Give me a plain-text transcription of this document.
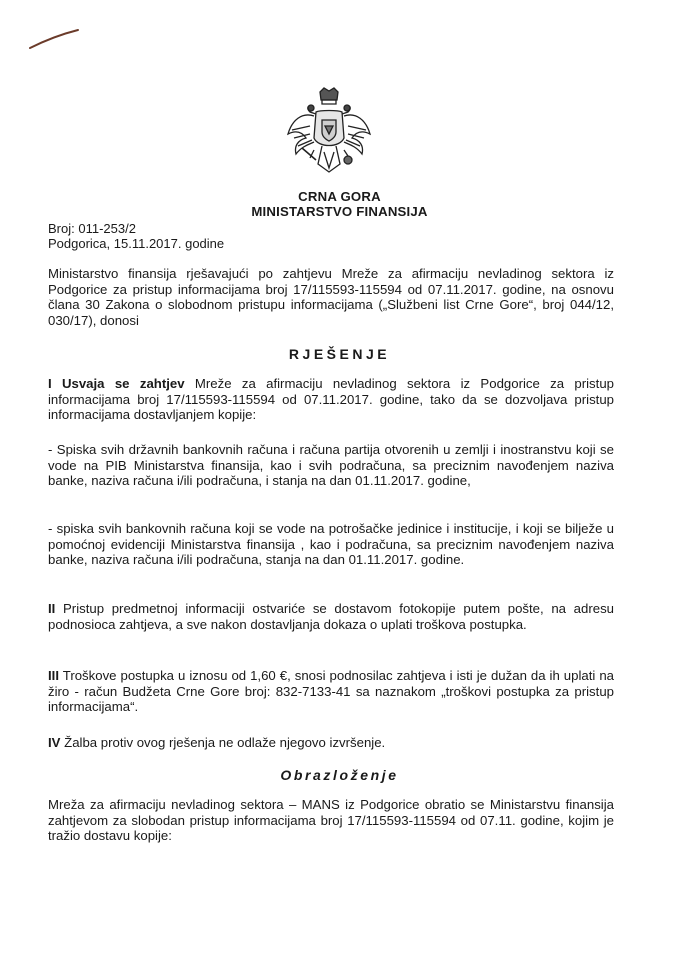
CRNA GORA
MINISTARSTVO FINANSIJA
Broj: 011-253/2
Podgorica, 15.11.2017. godine

Ministarstvo finansija rješavajući po zahtjevu Mreže za afirmaciju nevladinog sektora iz Podgorice za pristup informacijama broj 17/115593-115594 od 07.11.2017. godine, na osnovu člana 30 Zakona o slobodnom pristupu informacijama („Službeni list Crne Gore“, broj 044/12, 030/17), donosi

RJEŠENJE

I Usvaja se zahtjev Mreže za afirmaciju nevladinog sektora iz Podgorice za pristup informacijama broj 17/115593-115594 od 07.11.2017. godine, tako da se dozvoljava pristup informacijama dostavljanjem kopije:

- Spiska svih državnih bankovnih računa i računa partija otvorenih u zemlji i inostranstvu koji se vode na PIB Ministarstva finansija, kao i svih podračuna, sa preciznim navođenjem naziva banke, naziva računa i/ili podračuna, i stanja na dan 01.11.2017. godine,

- spiska svih bankovnih računa koji se vode na potrošačke jedinice i institucije, i koji se bilježe u pomoćnoj evidenciji Ministarstva finansija , kao i podračuna, sa preciznim navođenjem naziva banke, naziva računa i/ili podračuna, stanja na dan 01.11.2017. godine.

II Pristup predmetnoj informaciji ostvariće se dostavom fotokopije putem pošte, na adresu podnosioca zahtjeva, a sve nakon dostavljanja dokaza o uplati troškova postupka.

III Troškove postupka u iznosu od 1,60 €, snosi podnosilac zahtjeva i isti je dužan da ih uplati na žiro - račun Budžeta Crne Gore broj: 832-7133-41 sa naznakom „troškovi postupka za pristup informacijama“.

IV Žalba protiv ovog rješenja ne odlaže njegovo izvršenje.

Obrazloženje

Mreža za afirmaciju nevladinog sektora – MANS iz Podgorice obratio se Ministarstvu finansija zahtjevom za slobodan pristup informacijama broj 17/115593-115594 od 07.11. godine, kojim je tražio dostavu kopije:
